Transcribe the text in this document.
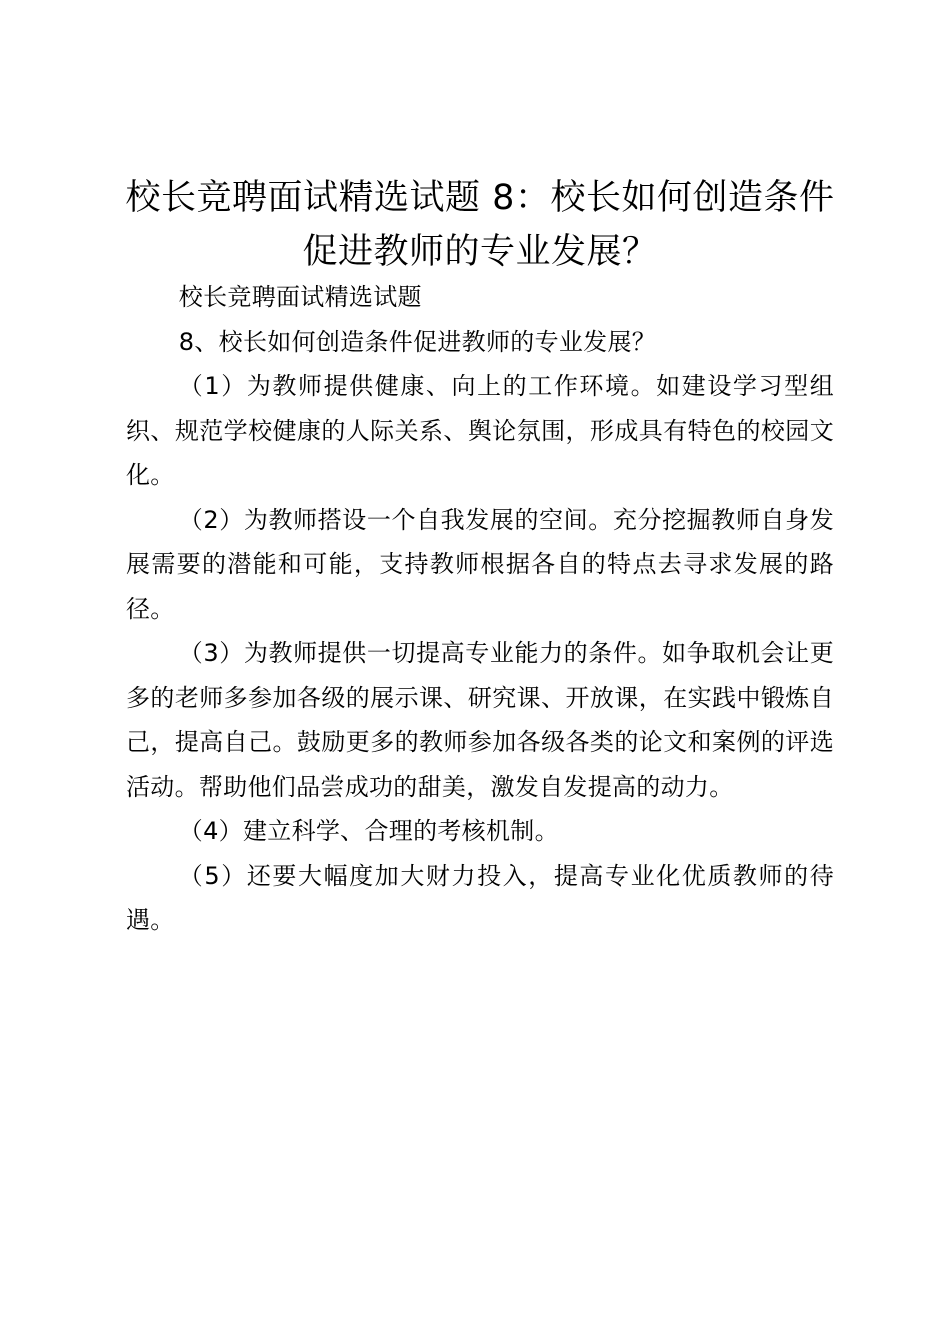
校长竞聘面试精选试题 8：校长如何创造条件促进教师的专业发展？

校长竞聘面试精选试题

8、校长如何创造条件促进教师的专业发展？

（1）为教师提供健康、向上的工作环境。如建设学习型组织、规范学校健康的人际关系、舆论氛围，形成具有特色的校园文化。

（2）为教师搭设一个自我发展的空间。充分挖掘教师自身发展需要的潜能和可能，支持教师根据各自的特点去寻求发展的路径。

（3）为教师提供一切提高专业能力的条件。如争取机会让更多的老师多参加各级的展示课、研究课、开放课，在实践中锻炼自己，提高自己。鼓励更多的教师参加各级各类的论文和案例的评选活动。帮助他们品尝成功的甜美，激发自发提高的动力。

（4）建立科学、合理的考核机制。

（5）还要大幅度加大财力投入，提高专业化优质教师的待遇。
